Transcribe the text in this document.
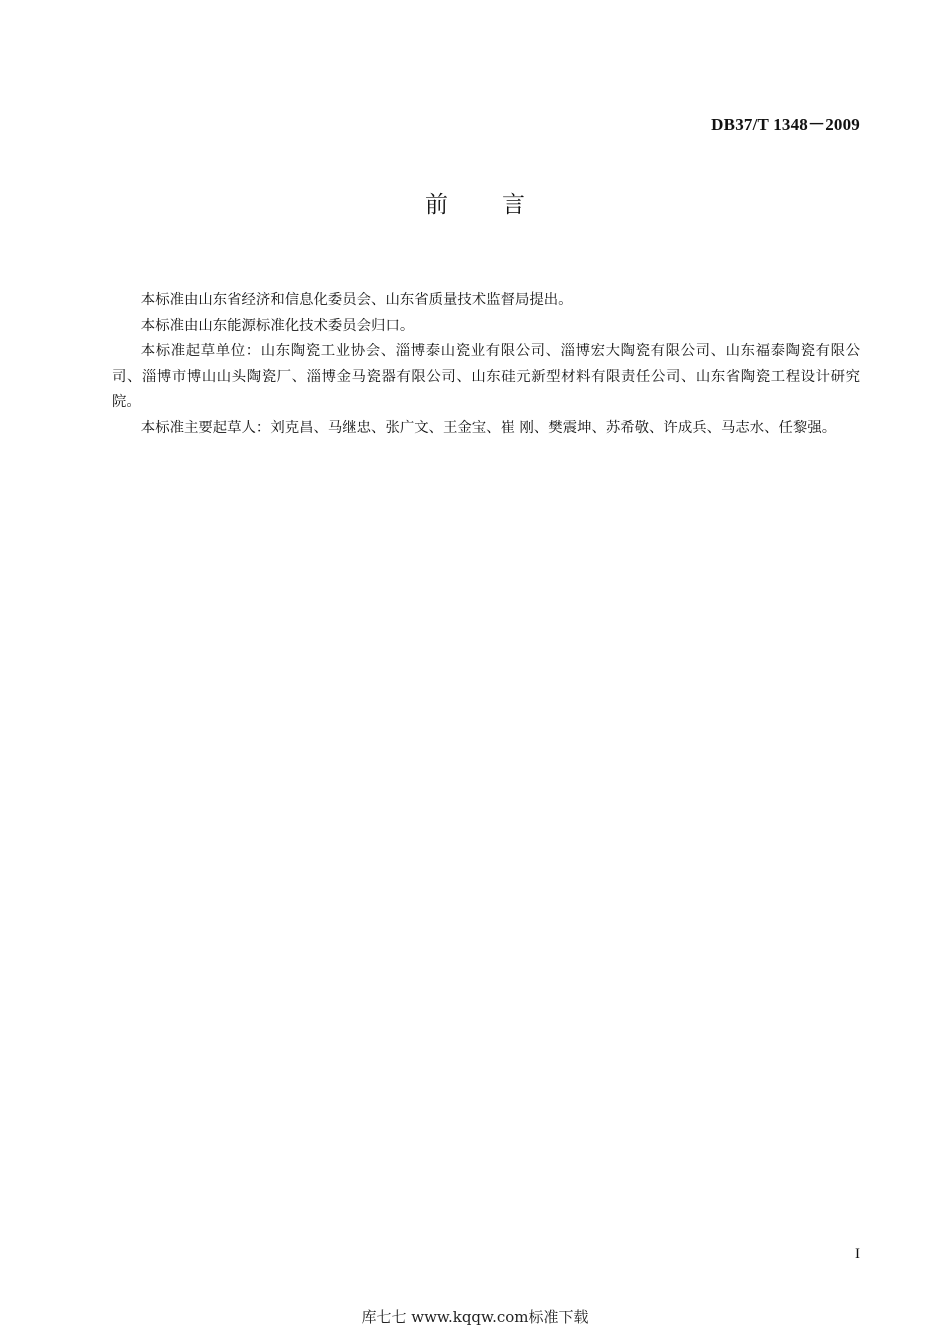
DB37/T 1348－2009
前 言

本标准由山东省经济和信息化委员会、山东省质量技术监督局提出。

本标准由山东能源标准化技术委员会归口。

本标准起草单位：山东陶瓷工业协会、淄博泰山瓷业有限公司、淄博宏大陶瓷有限公司、山东福泰陶瓷有限公司、淄博市博山山头陶瓷厂、淄博金马瓷器有限公司、山东硅元新型材料有限责任公司、山东省陶瓷工程设计研究院。

本标准主要起草人：刘克昌、马继忠、张广文、王金宝、崔 刚、樊震坤、苏希敬、许成兵、马志水、任黎强。

I
库七七 www.kqqw.com标准下载
